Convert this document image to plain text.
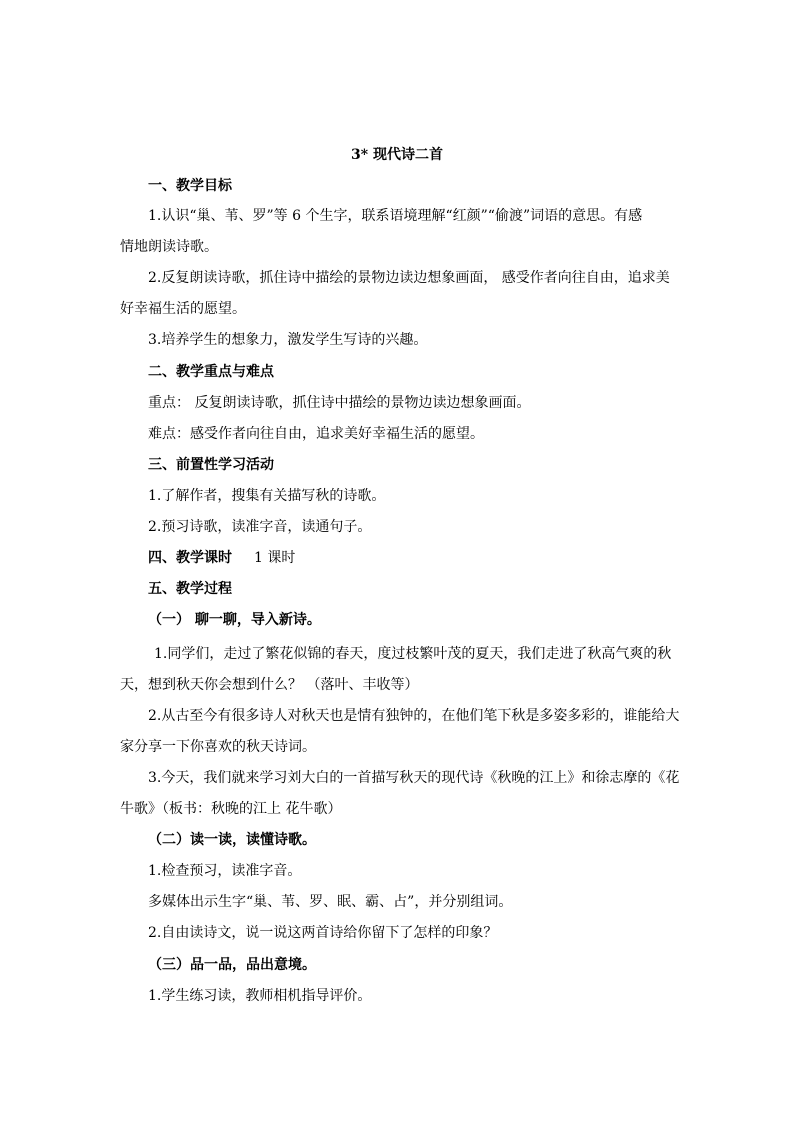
3* 现代诗二首
一、教学目标
1.认识“巢、苇、罗”等 6 个生字，联系语境理解“红颜”“偷渡”词语的意思。有感
情地朗读诗歌。
2.反复朗读诗歌，抓住诗中描绘的景物边读边想象画面， 感受作者向往自由，追求美
好幸福生活的愿望。
3.培养学生的想象力，激发学生写诗的兴趣。
二、教学重点与难点
重点： 反复朗读诗歌，抓住诗中描绘的景物边读边想象画面。
难点：感受作者向往自由，追求美好幸福生活的愿望。
三、前置性学习活动
1.了解作者，搜集有关描写秋的诗歌。
2.预习诗歌，读准字音，读通句子。
四、教学课时 1 课时
五、教学过程
（一） 聊一聊，导入新诗。
1.同学们，走过了繁花似锦的春天，度过枝繁叶茂的夏天，我们走进了秋高气爽的秋
天，想到秋天你会想到什么？ （落叶、丰收等）
2.从古至今有很多诗人对秋天也是情有独钟的，在他们笔下秋是多姿多彩的，谁能给大
家分享一下你喜欢的秋天诗词。
3.今天，我们就来学习刘大白的一首描写秋天的现代诗《秋晚的江上》和徐志摩的《花
牛歌》（板书：秋晚的江上 花牛歌）
（二）读一读，读懂诗歌。
1.检查预习，读准字音。
多媒体出示生字“巢、苇、罗、眠、霸、占”，并分别组词。
2.自由读诗文，说一说这两首诗给你留下了怎样的印象？
（三）品一品，品出意境。
1.学生练习读，教师相机指导评价。
